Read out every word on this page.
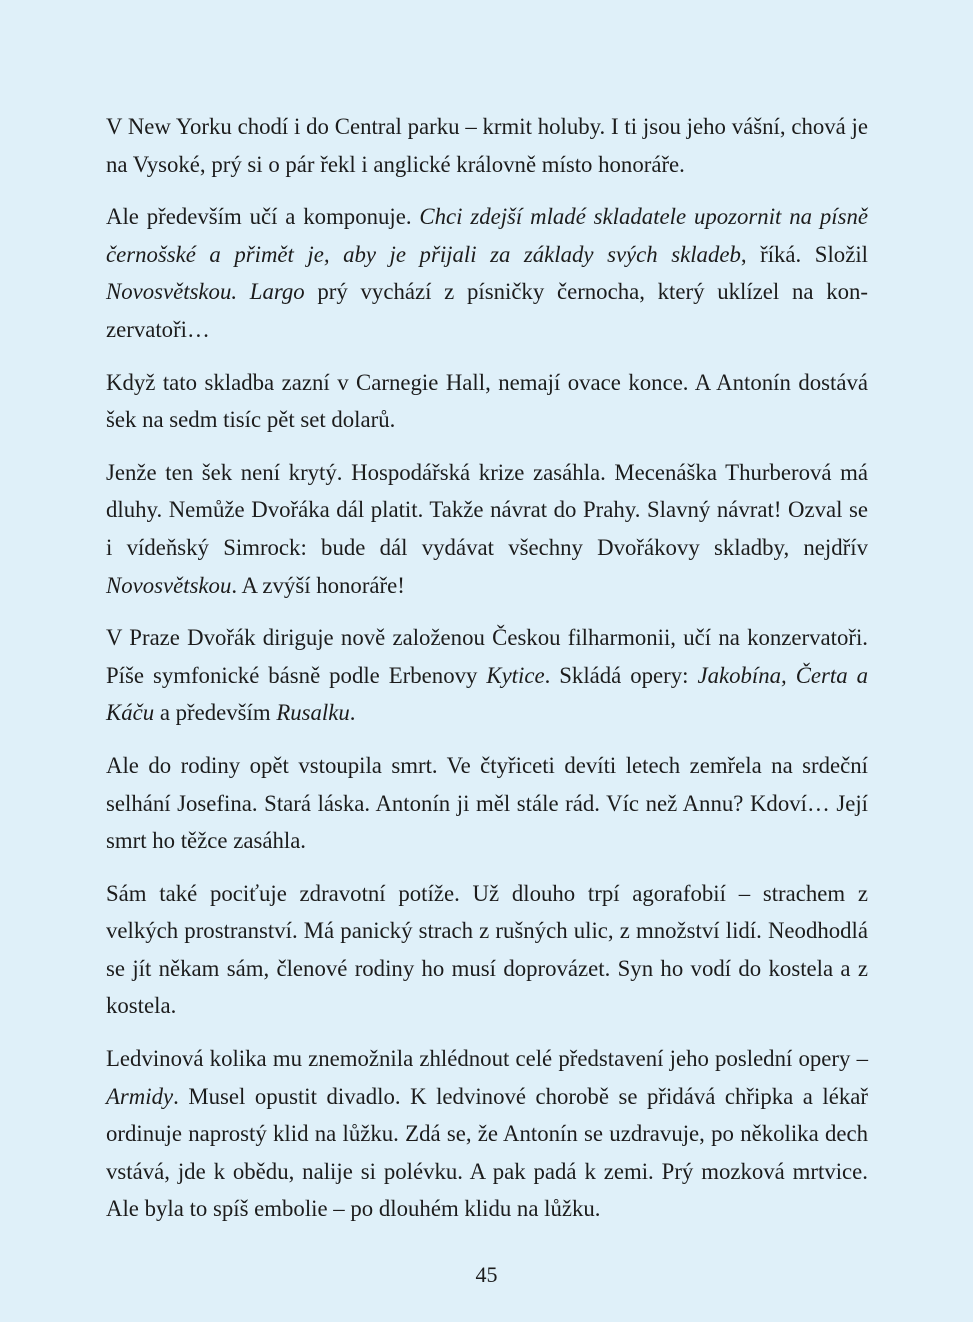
V New Yorku chodí i do Central parku – krmit holuby. I ti jsou jeho vášní, chová je na Vysoké, prý si o pár řekl i anglické královně místo honoráře.

Ale především učí a komponuje. Chci zdejší mladé skladatele upozornit na písně černošské a přimět je, aby je přijali za základy svých skladeb, říká. Složil Novosvětskou. Largo prý vychází z písničky černocha, který uklízel na konzervatoři…

Když tato skladba zazní v Carnegie Hall, nemají ovace konce. A Antonín dostává šek na sedm tisíc pět set dolarů.

Jenže ten šek není krytý. Hospodářská krize zasáhla. Mecenáška Thurberová má dluhy. Nemůže Dvořáka dál platit. Takže návrat do Prahy. Slavný návrat! Ozval se i vídeňský Simrock: bude dál vydávat všechny Dvořákovy skladby, nejdřív Novosvětskou. A zvýší honoráře!

V Praze Dvořák diriguje nově založenou Českou filharmonii, učí na konzervatoři. Píše symfonické básně podle Erbenovy Kytice. Skládá opery: Jakobína, Čerta a Káču a především Rusalku.

Ale do rodiny opět vstoupila smrt. Ve čtyřiceti devíti letech zemřela na srdeční selhání Josefina. Stará láska. Antonín ji měl stále rád. Víc než Annu? Kdoví… Její smrt ho těžce zasáhla.

Sám také pociťuje zdravotní potíže. Už dlouho trpí agorafobií – strachem z velkých prostranství. Má panický strach z rušných ulic, z množství lidí. Neodhodlá se jít někam sám, členové rodiny ho musí doprovázet. Syn ho vodí do kostela a z kostela.

Ledvinová kolika mu znemožnila zhlédnout celé představení jeho poslední opery – Armidy. Musel opustit divadlo. K ledvinové chorobě se přidává chřipka a lékař ordinuje naprostý klid na lůžku. Zdá se, že Antonín se uzdravuje, po několika dech vstává, jde k obědu, nalije si polévku. A pak padá k zemi. Prý mozková mrtvice. Ale byla to spíš embolie – po dlouhém klidu na lůžku.

45
